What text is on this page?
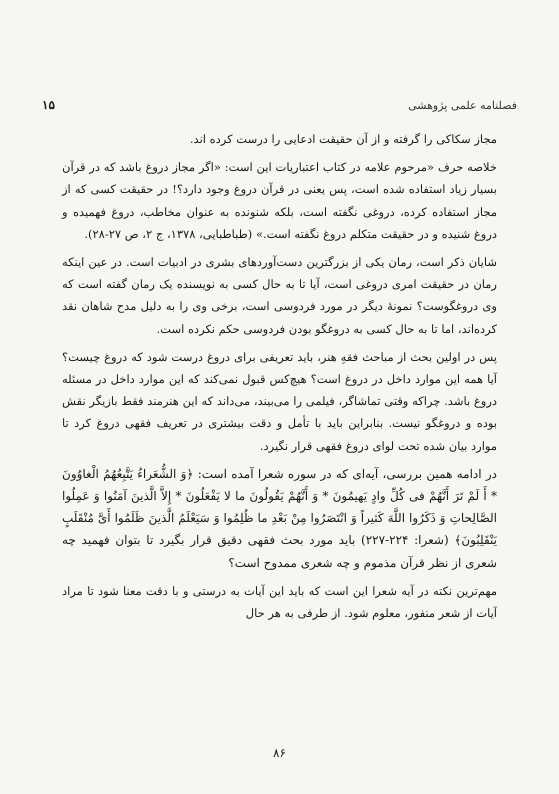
۱۵	فصلنامه علمی پژوهشی

مجاز سکاکی را گرفته و از آن حقیقت ادعایی را درست کرده اند.

خلاصه حرف «مرحوم علامه در کتاب اعتباریات این است: «اگر مجاز دروغ باشد که در قرآن بسیار زیاد استفاده شده است، پس یعنی در قرآن دروغ وجود دارد؟! در حقیقت کسی که از مجاز استفاده کرده، دروغی نگفته است، بلکه شنونده به عنوان مخاطب، دروغ فهمیده و دروغ شنیده و در حقیقت متکلم دروغ نگفته است.» (طباطبایی، ۱۳۷۸، ج ۲، ص ۲۷-۲۸).

شایان ذکر است، رمان یکی از بزرگترین دست‌آوردهای بشری در ادبیات است. در عین اینکه رمان در حقیقت امری دروغی است، آیا تا به حال کسی به نویسنده یک رمان گفته است که وی دروغگوست؟ نمونهٔ دیگر در مورد فردوسی است، برخی وی را به دلیل مدح شاهان نقد کرده‌اند، اما تا به حال کسی به دروغگو بودن فردوسی حکم نکرده است.

پس در اولین بحث از مباحث فقهِ هنر، باید تعریفی برای دروغ درست شود که دروغ چیست؟ آیا همه این موارد داخل در دروغ است؟ هیچ‌کس قبول نمی‌کند که این موارد داخل در مسئله دروغ باشد. چراکه وقتی تماشاگر، فیلمی را می‌بیند، می‌داند که این هنرمند فقط بازیگر نقش بوده و دروغگو نیست. بنابراین باید با تأمل و دقت بیشتری در تعریف فقهی دروغ کرد تا موارد بیان شده تحت لوای دروغ فقهی قرار نگیرد.

در ادامه همین بررسی، آیه‌ای که در سوره شعرا آمده است: ﴿وَ الشُّعَراءُ یَتَّبِعُهُمُ الْغاوُونَ * أَ لَمْ تَرَ أَنَّهُمْ فی‏ کُلِّ وادٍ یَهیمُونَ * وَ أَنَّهُمْ یَقُولُونَ ما لا یَفْعَلُونَ * إِلاَّ الَّذینَ آمَنُوا وَ عَمِلُوا الصَّالِحاتِ وَ ذَکَرُوا اللَّهَ کَثیراً وَ انْتَصَرُوا مِنْ بَعْدِ ما ظُلِمُوا وَ سَیَعْلَمُ الَّذینَ ظَلَمُوا أَیَّ مُنْقَلَبٍ یَنْقَلِبُونَ﴾ (شعرا: ۲۲۴-۲۲۷) باید مورد بحث فقهی دقیق قرار بگیرد تا بتوان فهمید چه شعری از نظر قرآن مذموم و چه شعری ممدوح است؟

مهم‌ترین نکته در آیه شعرا این است که باید این آیات به درستی و با دقت معنا شود تا مراد آیات از شعر منفور، معلوم شود. از طرفی به هر حال

۸۶
